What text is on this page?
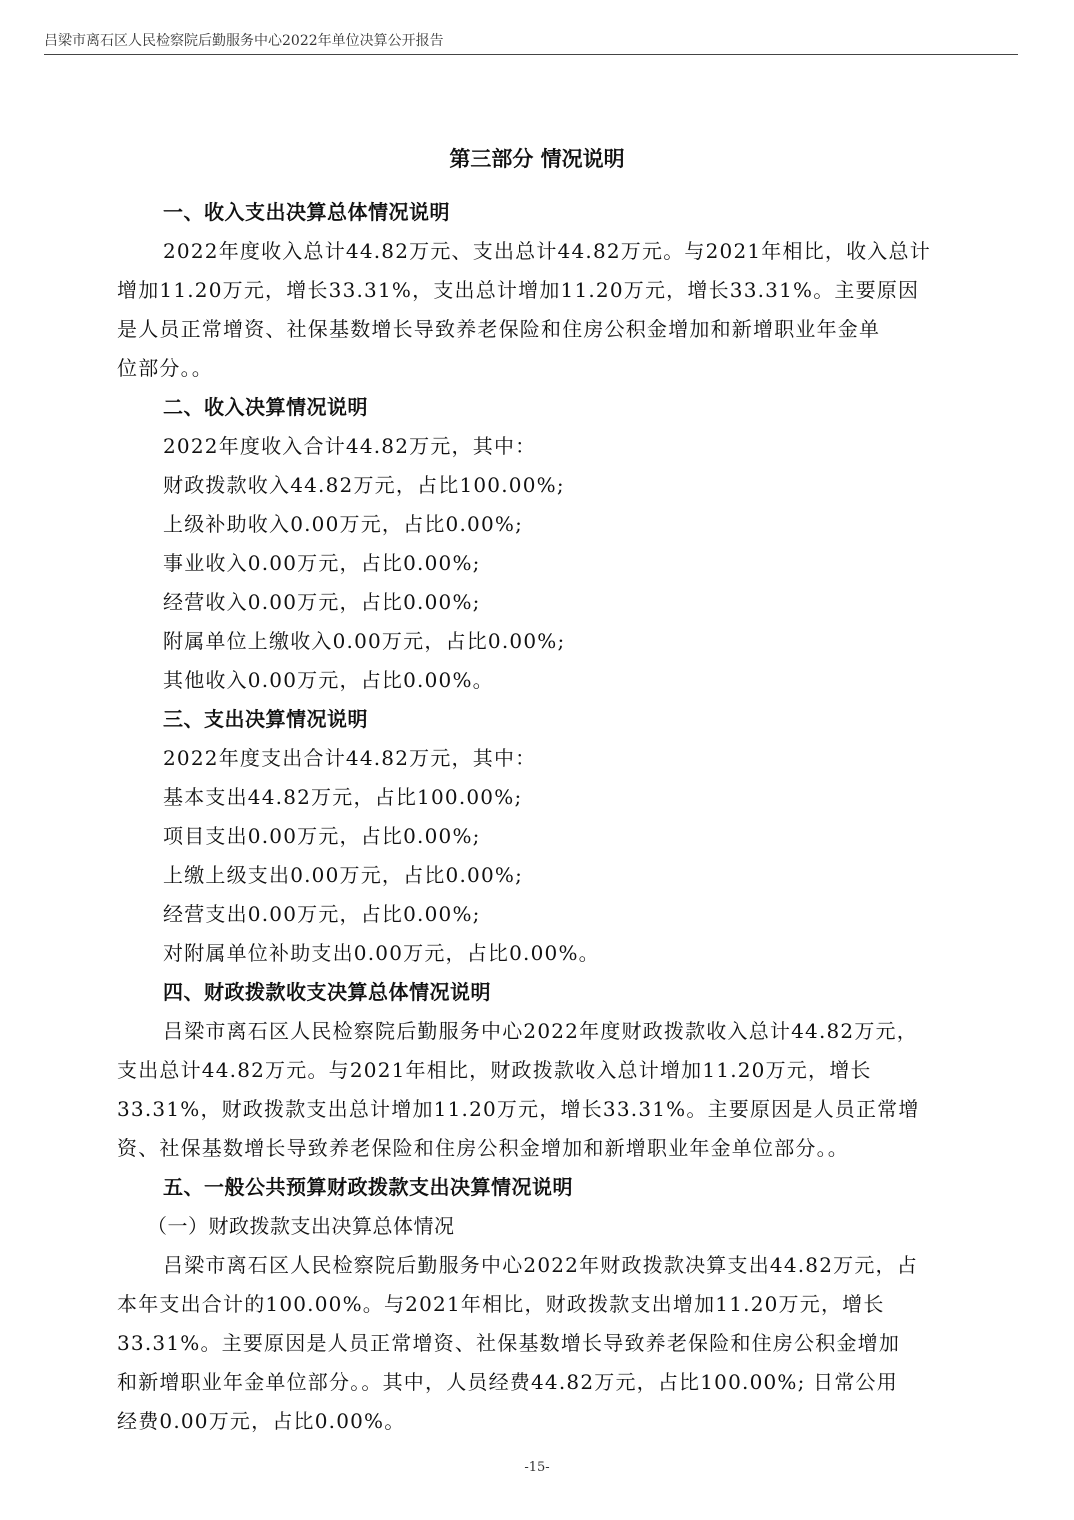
吕梁市离石区人民检察院后勤服务中心2022年单位决算公开报告
第三部分 情况说明
一、收入支出决算总体情况说明
2022年度收入总计44.82万元、支出总计44.82万元。与2021年相比，收入总计
增加11.20万元，增长33.31%，支出总计增加11.20万元，增长33.31%。主要原因
是人员正常增资、社保基数增长导致养老保险和住房公积金增加和新增职业年金单
位部分。。
二、收入决算情况说明
2022年度收入合计44.82万元，其中：
财政拨款收入44.82万元，占比100.00%;
上级补助收入0.00万元，占比0.00%;
事业收入0.00万元，占比0.00%;
经营收入0.00万元，占比0.00%;
附属单位上缴收入0.00万元，占比0.00%;
其他收入0.00万元，占比0.00%。
三、支出决算情况说明
2022年度支出合计44.82万元，其中：
基本支出44.82万元，占比100.00%;
项目支出0.00万元，占比0.00%;
上缴上级支出0.00万元，占比0.00%;
经营支出0.00万元，占比0.00%;
对附属单位补助支出0.00万元，占比0.00%。
四、财政拨款收支决算总体情况说明
吕梁市离石区人民检察院后勤服务中心2022年度财政拨款收入总计44.82万元，
支出总计44.82万元。与2021年相比，财政拨款收入总计增加11.20万元，增长
33.31%，财政拨款支出总计增加11.20万元，增长33.31%。主要原因是人员正常增
资、社保基数增长导致养老保险和住房公积金增加和新增职业年金单位部分。。
五、一般公共预算财政拨款支出决算情况说明
（一）财政拨款支出决算总体情况
吕梁市离石区人民检察院后勤服务中心2022年财政拨款决算支出44.82万元，占
本年支出合计的100.00%。与2021年相比，财政拨款支出增加11.20万元，增长
33.31%。主要原因是人员正常增资、社保基数增长导致养老保险和住房公积金增加
和新增职业年金单位部分。。其中，人员经费44.82万元，占比100.00%; 日常公用
经费0.00万元，占比0.00%。
-15-
